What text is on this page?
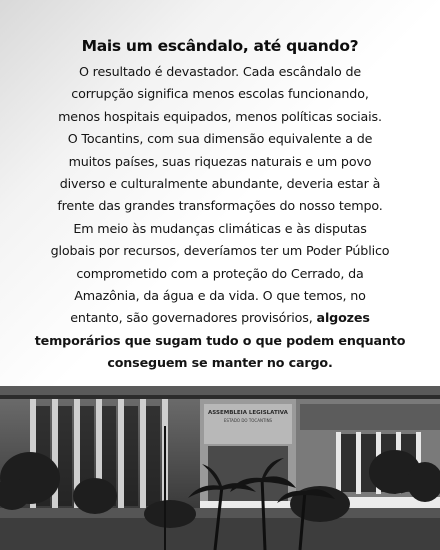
Mais um escândalo, até quando?

O resultado é devastador. Cada escândalo de
corrupção significa menos escolas funcionando,
menos hospitais equipados, menos políticas sociais.
O Tocantins, com sua dimensão equivalente a de
muitos países, suas riquezas naturais e um povo
diverso e culturalmente abundante, deveria estar à
frente das grandes transformações do nosso tempo.
Em meio às mudanças climáticas e às disputas
globais por recursos, deveríamos ter um Poder Público
comprometido com a proteção do Cerrado, da
Amazônia, da água e da vida. O que temos, no
entanto, são governadores provisórios, algozes
temporários que sugam tudo o que podem enquanto
conseguem se manter no cargo.

ASSEMBLEIA LEGISLATIVA
ESTADO DO TOCANTINS
